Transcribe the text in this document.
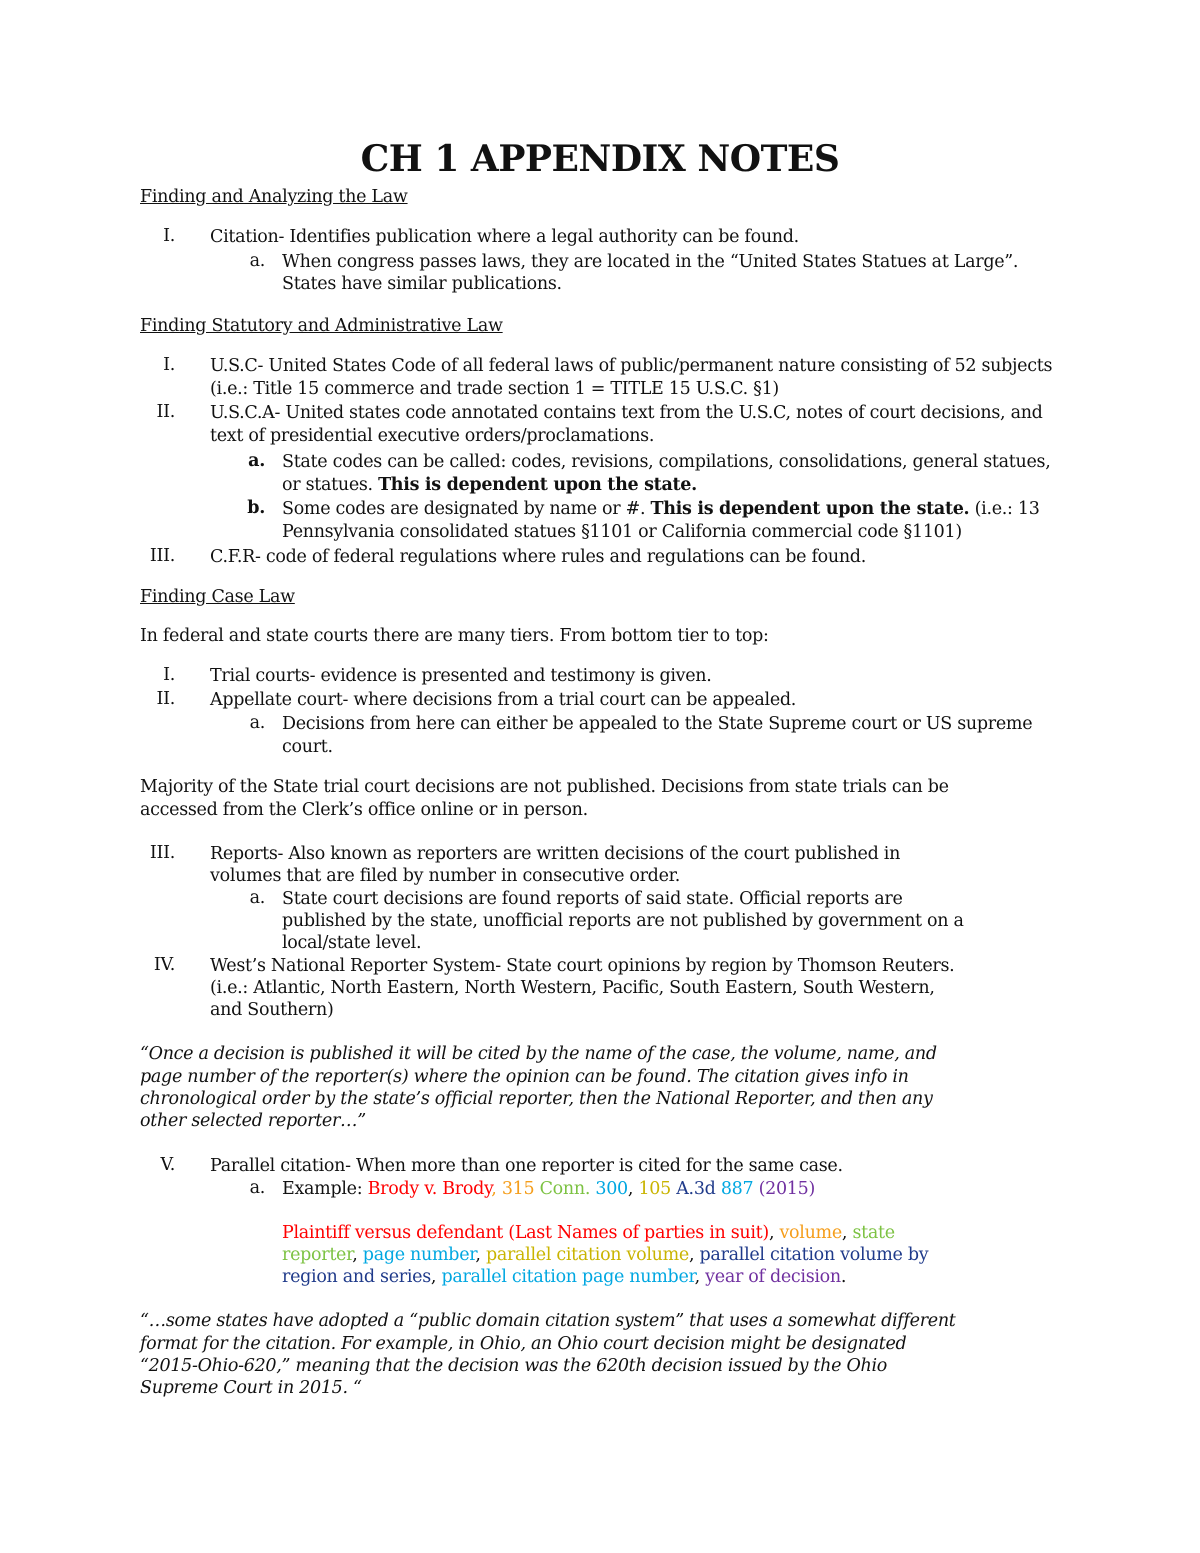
CH 1 APPENDIX NOTES
Finding and Analyzing the Law
I. Citation- Identifies publication where a legal authority can be found.
a. When congress passes laws, they are located in the “United States Statues at Large”.
States have similar publications.
Finding Statutory and Administrative Law
I. U.S.C- United States Code of all federal laws of public/permanent nature consisting of 52 subjects
(i.e.: Title 15 commerce and trade section 1 = TITLE 15 U.S.C. §1)
II. U.S.C.A- United states code annotated contains text from the U.S.C, notes of court decisions, and
text of presidential executive orders/proclamations.
a. State codes can be called: codes, revisions, compilations, consolidations, general statues,
or statues. This is dependent upon the state.
b. Some codes are designated by name or #. This is dependent upon the state. (i.e.: 13
Pennsylvania consolidated statues §1101 or California commercial code §1101)
III. C.F.R- code of federal regulations where rules and regulations can be found.
Finding Case Law
In federal and state courts there are many tiers. From bottom tier to top:
I. Trial courts- evidence is presented and testimony is given.
II. Appellate court- where decisions from a trial court can be appealed.
a. Decisions from here can either be appealed to the State Supreme court or US supreme
court.
Majority of the State trial court decisions are not published. Decisions from state trials can be
accessed from the Clerk’s office online or in person.
III. Reports- Also known as reporters are written decisions of the court published in
volumes that are filed by number in consecutive order.
a. State court decisions are found reports of said state. Official reports are
published by the state, unofficial reports are not published by government on a
local/state level.
IV. West’s National Reporter System- State court opinions by region by Thomson Reuters.
(i.e.: Atlantic, North Eastern, North Western, Pacific, South Eastern, South Western,
and Southern)
“Once a decision is published it will be cited by the name of the case, the volume, name, and
page number of the reporter(s) where the opinion can be found. The citation gives info in
chronological order by the state’s official reporter, then the National Reporter, and then any
other selected reporter…”
V. Parallel citation- When more than one reporter is cited for the same case.
a. Example: Brody v. Brody, 315 Conn. 300, 105 A.3d 887 (2015)
Plaintiff versus defendant (Last Names of parties in suit), volume, state
reporter, page number, parallel citation volume, parallel citation volume by
region and series, parallel citation page number, year of decision.
“…some states have adopted a “public domain citation system” that uses a somewhat different
format for the citation. For example, in Ohio, an Ohio court decision might be designated
“2015-Ohio-620,” meaning that the decision was the 620th decision issued by the Ohio
Supreme Court in 2015. “
